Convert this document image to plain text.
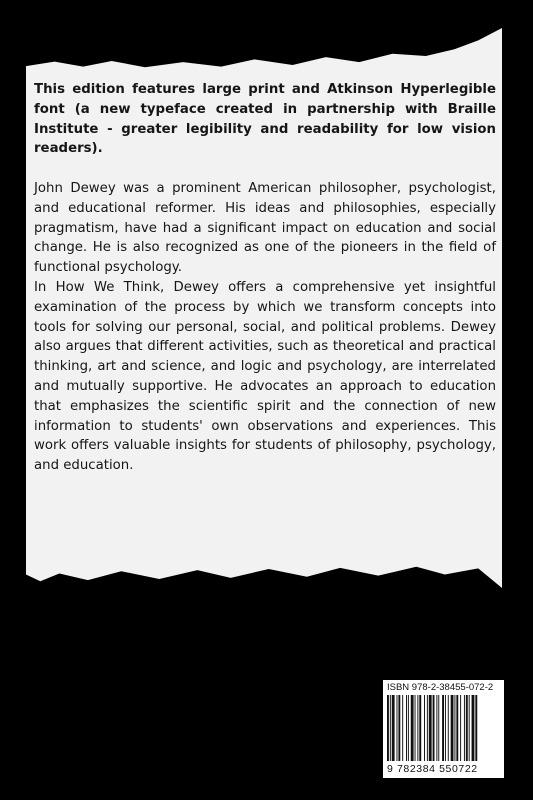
This edition features large print and Atkinson Hyperlegible font (a new typeface created in partnership with Braille Institute - greater legibility and readability for low vision readers).

John Dewey was a prominent American philosopher, psychologist, and educational reformer. His ideas and philosophies, especially pragmatism, have had a significant impact on education and social change. He is also recognized as one of the pioneers in the field of functional psychology.

In How We Think, Dewey offers a comprehensive yet insightful examination of the process by which we transform concepts into tools for solving our personal, social, and political problems. Dewey also argues that different activities, such as theoretical and practical thinking, art and science, and logic and psychology, are interrelated and mutually supportive. He advocates an approach to education that emphasizes the scientific spirit and the connection of new information to students' own observations and experiences. This work offers valuable insights for students of philosophy, psychology, and education.

ISBN 978-2-38455-072-2
9 782384 550722
